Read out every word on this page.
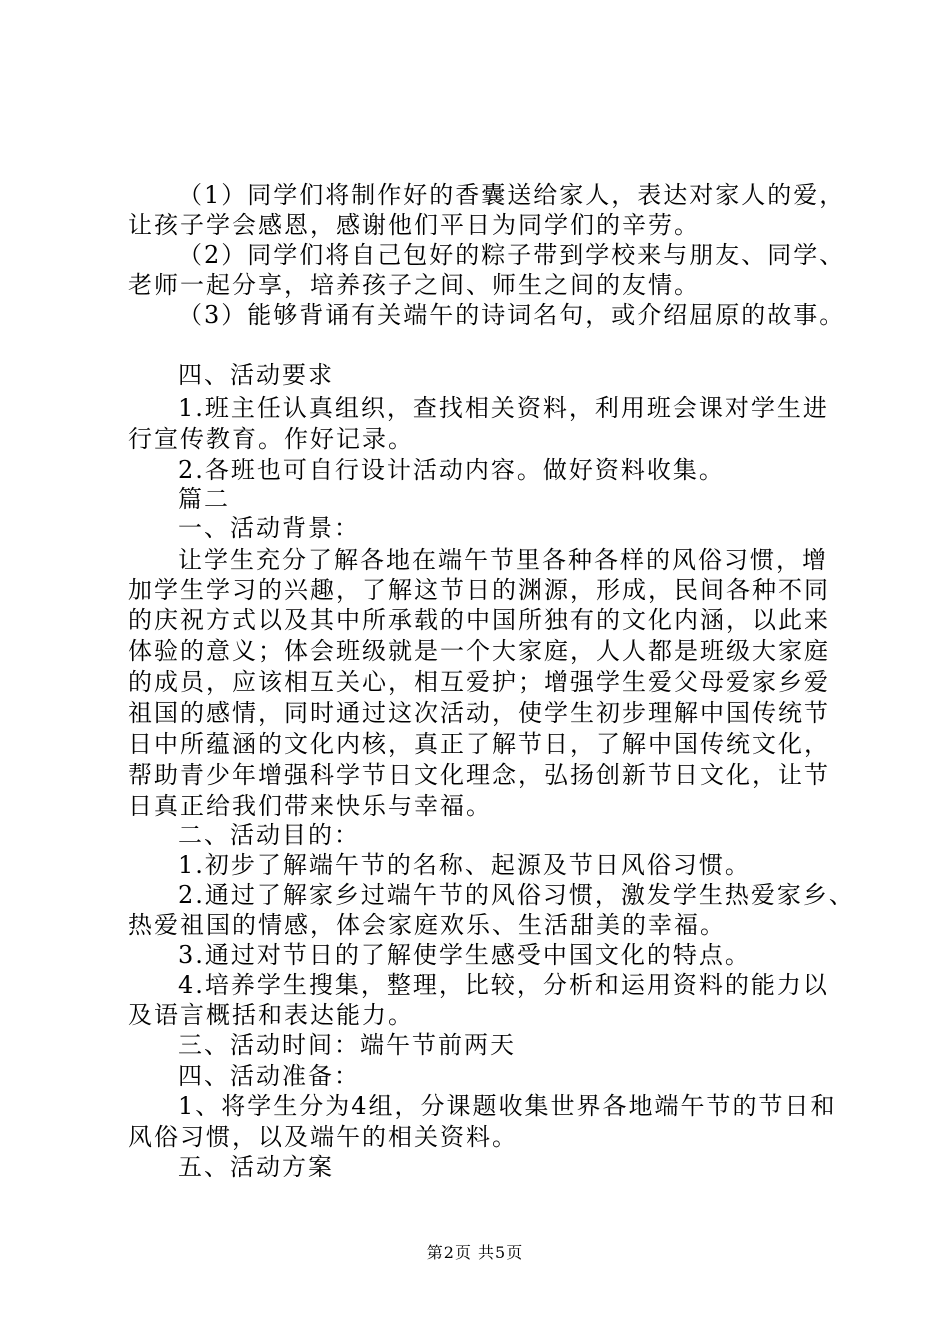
（1）同学们将制作好的香囊送给家人，表达对家人的爱，
让孩子学会感恩，感谢他们平日为同学们的辛劳。
（2）同学们将自己包好的粽子带到学校来与朋友、同学、
老师一起分享，培养孩子之间、师生之间的友情。
（3）能够背诵有关端午的诗词名句，或介绍屈原的故事。
四、活动要求
1.班主任认真组织，查找相关资料，利用班会课对学生进
行宣传教育。作好记录。
2.各班也可自行设计活动内容。做好资料收集。
篇二
一、活动背景：
让学生充分了解各地在端午节里各种各样的风俗习惯，增
加学生学习的兴趣，了解这节日的渊源，形成，民间各种不同
的庆祝方式以及其中所承载的中国所独有的文化内涵，以此来
体验的意义；体会班级就是一个大家庭，人人都是班级大家庭
的成员，应该相互关心，相互爱护；增强学生爱父母爱家乡爱
祖国的感情，同时通过这次活动，使学生初步理解中国传统节
日中所蕴涵的文化内核，真正了解节日，了解中国传统文化，
帮助青少年增强科学节日文化理念，弘扬创新节日文化，让节
日真正给我们带来快乐与幸福。
二、活动目的：
1.初步了解端午节的名称、起源及节日风俗习惯。
2.通过了解家乡过端午节的风俗习惯，激发学生热爱家乡、
热爱祖国的情感，体会家庭欢乐、生活甜美的幸福。
3.通过对节日的了解使学生感受中国文化的特点。
4.培养学生搜集，整理，比较，分析和运用资料的能力以
及语言概括和表达能力。
三、活动时间：端午节前两天
四、活动准备：
1、将学生分为4组，分课题收集世界各地端午节的节日和
风俗习惯，以及端午的相关资料。
五、活动方案
第2页 共5页
